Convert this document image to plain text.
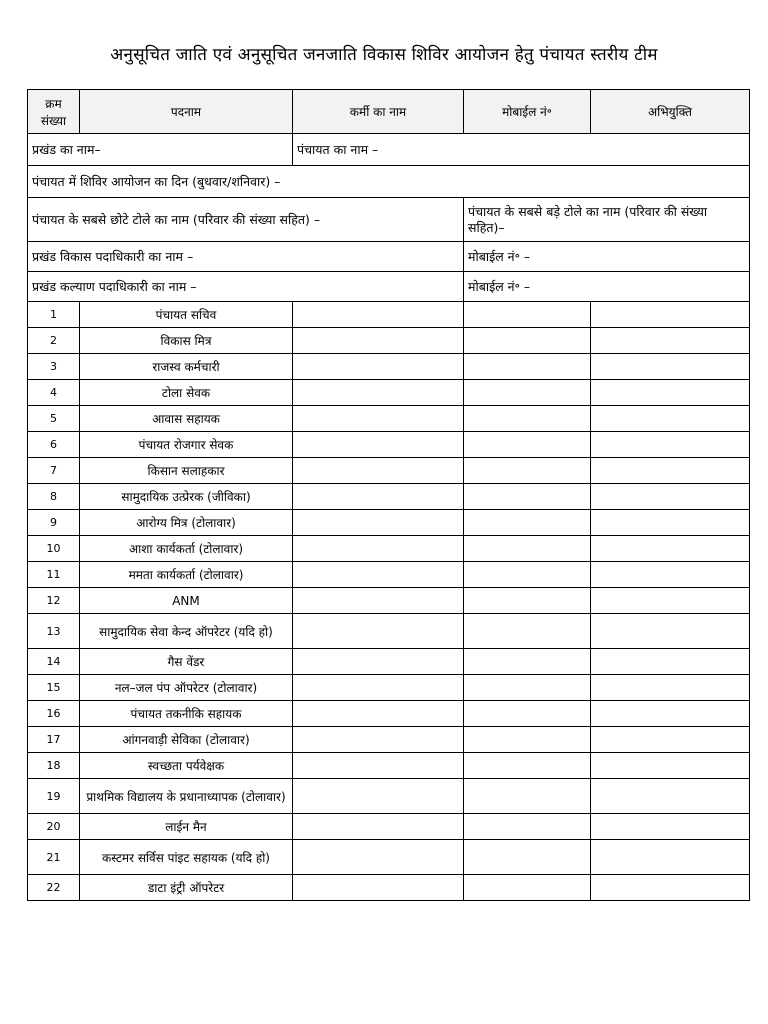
अनुसूचित जाति एवं अनुसूचित जनजाति विकास शिविर आयोजन हेतु पंचायत स्तरीय टीम
प्रखंड का नाम–		पंचायत का नाम –		
पंचायत में शिविर आयोजन का दिन (बुधवार/शनिवार) –				
पंचायत के सबसे छोटे टोले का नाम (परिवार की संख्या सहित) –			पंचायत के सबसे बड़े टोले का नाम (परिवार की संख्या सहित)–	
प्रखंड विकास पदाधिकारी का नाम –			मोबाईल नं॰ –	
प्रखंड कल्याण पदाधिकारी का नाम –			मोबाईल नं॰ –	
क्रम संख्या	पदनाम	कर्मी का नाम	मोबाईल नं॰	अभियुक्ति
1	पंचायत सचिव			
2	विकास मित्र			
3	राजस्व कर्मचारी			
4	टोला सेवक			
5	आवास सहायक			
6	पंचायत रोजगार सेवक			
7	किसान सलाहकार			
8	सामुदायिक उत्प्रेरक (जीविका)			
9	आरोग्य मित्र (टोलावार)			
10	आशा कार्यकर्ता (टोलावार)			
11	ममता कार्यकर्ता (टोलावार)			
12	ANM			
13	सामुदायिक सेवा केन्द ऑपरेटर (यदि हो)			
14	गैस वेंडर			
15	नल–जल पंप ऑपरेटर (टोलावार)			
16	पंचायत तकनीकि सहायक			
17	आंगनवाड़ी सेविका (टोलावार)			
18	स्वच्छता पर्यवेक्षक			
19	प्राथमिक विद्यालय के प्रधानाध्यापक (टोलावार)			
20	लाईन मैन			
21	कस्टमर सर्विस पांइट सहायक (यदि हो)			
22	डाटा इंट्री ऑपरेटर			
